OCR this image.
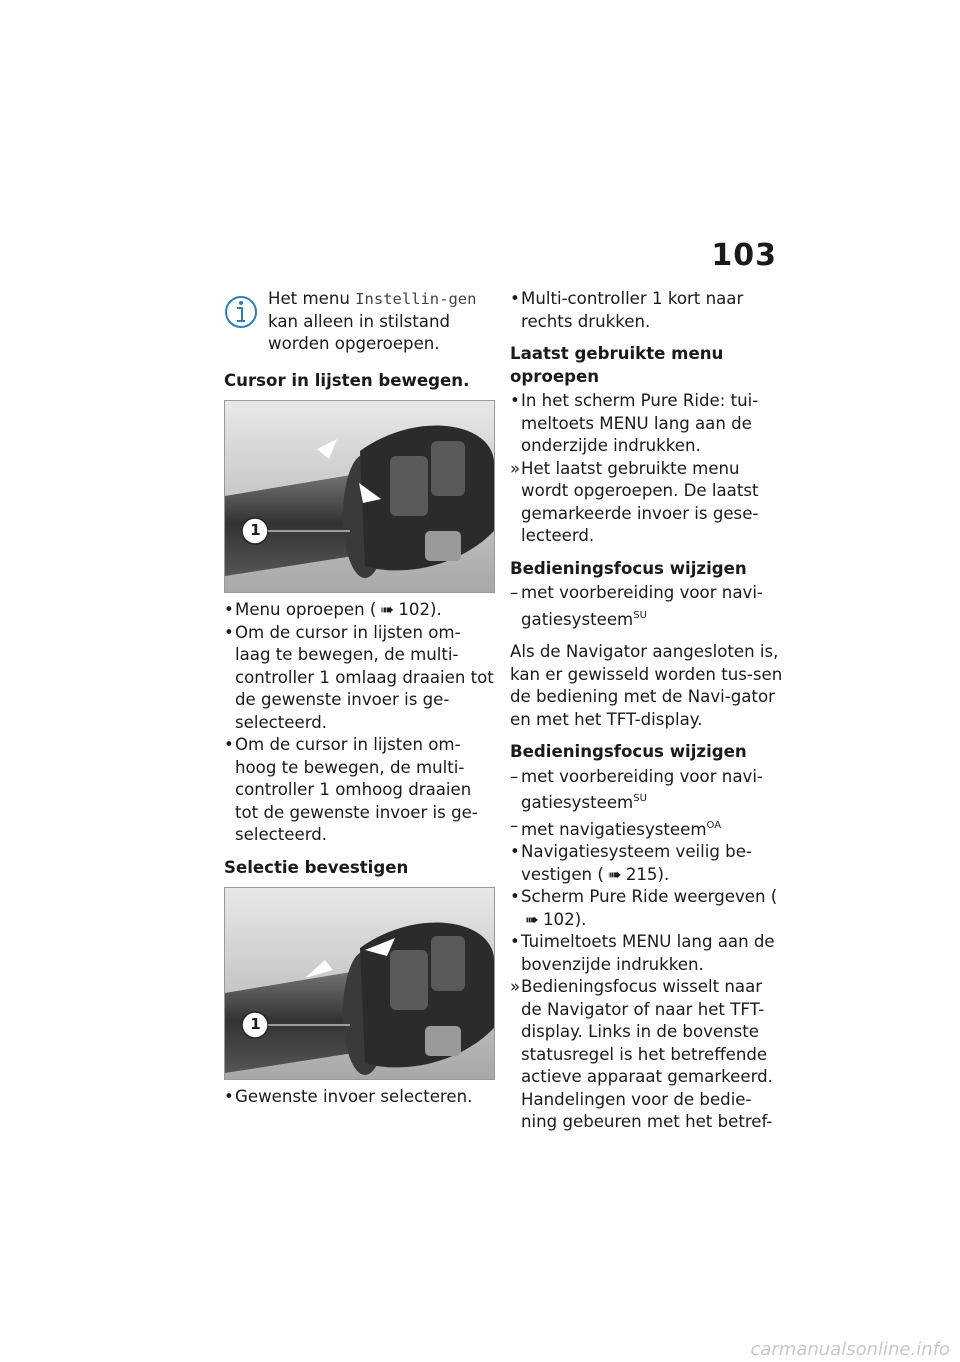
103

Het menu Instellin-gen kan alleen in stilstand worden opgeroepen.

Cursor in lijsten bewegen.

1

• Menu oproepen ( ➠ 102).

• Om de cursor in lijsten om-laag te bewegen, de multi-controller 1 omlaag draaien tot de gewenste invoer is ge-selecteerd.

• Om de cursor in lijsten om-hoog te bewegen, de multi-controller 1 omhoog draaien tot de gewenste invoer is ge-selecteerd.

Selectie bevestigen

1

• Gewenste invoer selecteren.

• Multi-controller 1 kort naar rechts drukken.

Laatst gebruikte menu oproepen

• In het scherm Pure Ride: tui-meltoets MENU lang aan de onderzijde indrukken.

» Het laatst gebruikte menu wordt opgeroepen. De laatst gemarkeerde invoer is gese-lecteerd.

Bedieningsfocus wijzigen

– met voorbereiding voor navi-gatiesysteem$^{SU}$

Als de Navigator aangesloten is, kan er gewisseld worden tus-sen de bediening met de Navi-gator en met het TFT-display.

Bedieningsfocus wijzigen

– met voorbereiding voor navi-gatiesysteem$^{SU}$

– met navigatiesysteem$^{OA}$

• Navigatiesysteem veilig be-vestigen ( ➠ 215).

• Scherm Pure Ride weergeven (➠ 102).

• Tuimeltoets MENU lang aan de bovenzijde indrukken.

» Bedieningsfocus wisselt naar de Navigator of naar het TFT-display. Links in de bovenste statusregel is het betreffende actieve apparaat gemarkeerd. Handelingen voor de bedie-ning gebeuren met het betref-

carmanualsonline.info
